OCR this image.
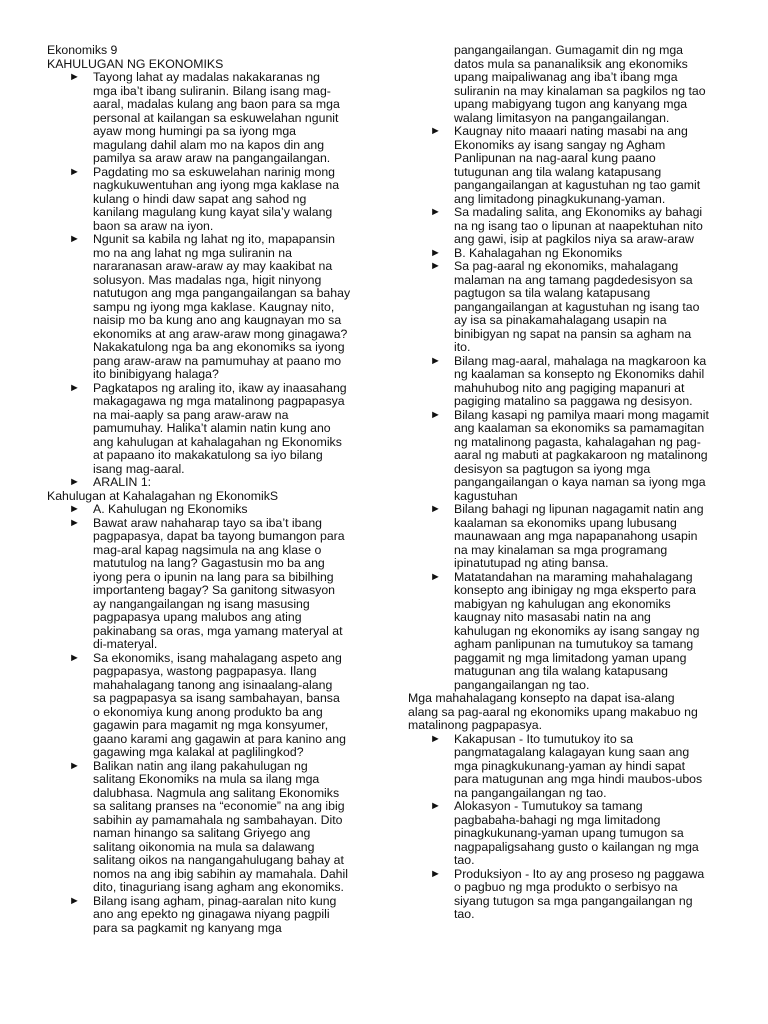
Ekonomiks 9

KAHULUGAN NG EKONOMIKS

► Tayong lahat ay madalas nakakaranas ng
mga iba’t ibang suliranin. Bilang isang mag-
aaral, madalas kulang ang baon para sa mga
personal at kailangan sa eskuwelahan ngunit
ayaw mong humingi pa sa iyong mga
magulang dahil alam mo na kapos din ang
pamilya sa araw araw na pangangailangan.

► Pagdating mo sa eskuwelahan narinig mong
nagkukuwentuhan ang iyong mga kaklase na
kulang o hindi daw sapat ang sahod ng
kanilang magulang kung kayat sila’y walang
baon sa araw na iyon.

► Ngunit sa kabila ng lahat ng ito, mapapansin
mo na ang lahat ng mga suliranin na
nararanasan araw-araw ay may kaakibat na
solusyon. Mas madalas nga, higit ninyong
natutugon ang mga pangangailangan sa bahay
sampu ng iyong mga kaklase. Kaugnay nito,
naisip mo ba kung ano ang kaugnayan mo sa
ekonomiks at ang araw-araw mong ginagawa?
Nakakatulong nga ba ang ekonomiks sa iyong
pang araw-araw na pamumuhay at paano mo
ito binibigyang halaga?

► Pagkatapos ng araling ito, ikaw ay inaasahang
makagagawa ng mga matalinong pagpapasya
na mai-aaply sa pang araw-araw na
pamumuhay. Halika’t alamin natin kung ano
ang kahulugan at kahalagahan ng Ekonomiks
at papaano ito makakatulong sa iyo bilang
isang mag-aaral.

► ARALIN 1:

Kahulugan at Kahalagahan ng EkonomikS

► A. Kahulugan ng Ekonomiks

► Bawat araw nahaharap tayo sa iba’t ibang
pagpapasya, dapat ba tayong bumangon para
mag-aral kapag nagsimula na ang klase o
matutulog na lang? Gagastusin mo ba ang
iyong pera o ipunin na lang para sa bibilhing
importanteng bagay? Sa ganitong sitwasyon
ay nangangailangan ng isang masusing
pagpapasya upang malubos ang ating
pakinabang sa oras, mga yamang materyal at
di-materyal.

► Sa ekonomiks, isang mahalagang aspeto ang
pagpapasya, wastong pagpapasya. Ilang
mahahalagang tanong ang isinaalang-alang
sa pagpapasya sa isang sambahayan, bansa
o ekonomiya kung anong produkto ba ang
gagawin para magamit ng mga konsyumer,
gaano karami ang gagawin at para kanino ang
gagawing mga kalakal at paglilingkod?

► Balikan natin ang ilang pakahulugan ng
salitang Ekonomiks na mula sa ilang mga
dalubhasa. Nagmula ang salitang Ekonomiks
sa salitang pranses na “economie” na ang ibig
sabihin ay pamamahala ng sambahayan. Dito
naman hinango sa salitang Griyego ang
salitang oikonomia na mula sa dalawang
salitang oikos na nangangahulugang bahay at
nomos na ang ibig sabihin ay mamahala. Dahil
dito, tinaguriang isang agham ang ekonomiks.

► Bilang isang agham, pinag-aaralan nito kung
ano ang epekto ng ginagawa niyang pagpili
para sa pagkamit ng kanyang mga

pangangailangan. Gumagamit din ng mga
datos mula sa pananaliksik ang ekonomiks
upang maipaliwanag ang iba’t ibang mga
suliranin na may kinalaman sa pagkilos ng tao
upang mabigyang tugon ang kanyang mga
walang limitasyon na pangangailangan.

► Kaugnay nito maaari nating masabi na ang
Ekonomiks ay isang sangay ng Agham
Panlipunan na nag-aaral kung paano
tutugunan ang tila walang katapusang
pangangailangan at kagustuhan ng tao gamit
ang limitadong pinagkukunang-yaman.

► Sa madaling salita, ang Ekonomiks ay bahagi
na ng isang tao o lipunan at naapektuhan nito
ang gawi, isip at pagkilos niya sa araw-araw

► B. Kahalagahan ng Ekonomiks

► Sa pag-aaral ng ekonomiks, mahalagang
malaman na ang tamang pagdedesisyon sa
pagtugon sa tila walang katapusang
pangangailangan at kagustuhan ng isang tao
ay isa sa pinakamahalagang usapin na
binibigyan ng sapat na pansin sa agham na
ito.

► Bilang mag-aaral, mahalaga na magkaroon ka
ng kaalaman sa konsepto ng Ekonomiks dahil
mahuhubog nito ang pagiging mapanuri at
pagiging matalino sa paggawa ng desisyon.

► Bilang kasapi ng pamilya maari mong magamit
ang kaalaman sa ekonomiks sa pamamagitan
ng matalinong pagasta, kahalagahan ng pag-
aaral ng mabuti at pagkakaroon ng matalinong
desisyon sa pagtugon sa iyong mga
pangangailangan o kaya naman sa iyong mga
kagustuhan

► Bilang bahagi ng lipunan nagagamit natin ang
kaalaman sa ekonomiks upang lubusang
maunawaan ang mga napapanahong usapin
na may kinalaman sa mga programang
ipinatutupad ng ating bansa.

► Matatandahan na maraming mahahalagang
konsepto ang ibinigay ng mga eksperto para
mabigyan ng kahulugan ang ekonomiks
kaugnay nito masasabi natin na ang
kahulugan ng ekonomiks ay isang sangay ng
agham panlipunan na tumutukoy sa tamang
paggamit ng mga limitadong yaman upang
matugunan ang tila walang katapusang
pangangailangan ng tao.

Mga mahahalagang konsepto na dapat isa-alang
alang sa pag-aaral ng ekonomiks upang makabuo ng
matalinong pagpapasya.

► Kakapusan - Ito tumutukoy ito sa
pangmatagalang kalagayan kung saan ang
mga pinagkukunang-yaman ay hindi sapat
para matugunan ang mga hindi maubos-ubos
na pangangailangan ng tao.

► Alokasyon - Tumutukoy sa tamang
pagbabaha-bahagi ng mga limitadong
pinagkukunang-yaman upang tumugon sa
nagpapaligsahang gusto o kailangan ng mga
tao.

► Produksiyon - Ito ay ang proseso ng paggawa
o pagbuo ng mga produkto o serbisyo na
siyang tutugon sa mga pangangailangan ng
tao.
